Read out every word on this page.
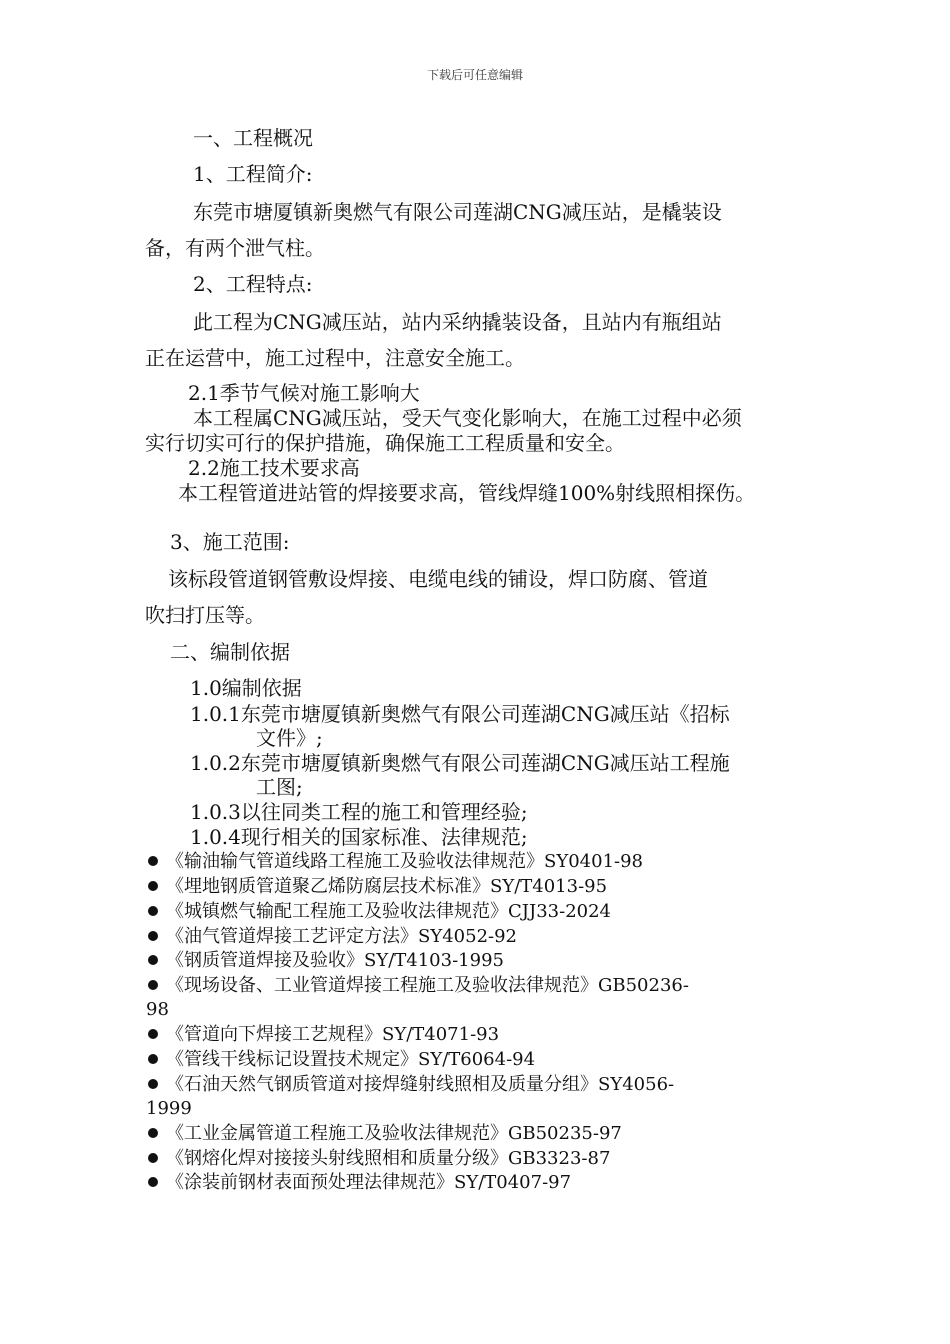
下载后可任意编辑
一、工程概况
1、工程简介:
东莞市塘厦镇新奥燃气有限公司莲湖CNG减压站，是橇装设
备，有两个泄气柱。
2、工程特点:
此工程为CNG减压站，站内采纳撬装设备，且站内有瓶组站
正在运营中，施工过程中，注意安全施工。
2.1季节气候对施工影响大
本工程属CNG减压站，受天气变化影响大，在施工过程中必须
实行切实可行的保护措施，确保施工工程质量和安全。
2.2施工技术要求高
本工程管道进站管的焊接要求高，管线焊缝100%射线照相探伤。
3、施工范围:
该标段管道钢管敷设焊接、电缆电线的铺设，焊口防腐、管道
吹扫打压等。
二、编制依据
1.0编制依据
1.0.1东莞市塘厦镇新奥燃气有限公司莲湖CNG减压站《招标
文件》;
1.0.2东莞市塘厦镇新奥燃气有限公司莲湖CNG减压站工程施
工图;
1.0.3以往同类工程的施工和管理经验;
1.0.4现行相关的国家标准、法律规范;
《输油输气管道线路工程施工及验收法律规范》SY0401-98
《埋地钢质管道聚乙烯防腐层技术标准》SY/T4013-95
《城镇燃气输配工程施工及验收法律规范》CJJ33-2024
《油气管道焊接工艺评定方法》SY4052-92
《钢质管道焊接及验收》SY/T4103-1995
《现场设备、工业管道焊接工程施工及验收法律规范》GB50236-
98
《管道向下焊接工艺规程》SY/T4071-93
《管线干线标记设置技术规定》SY/T6064-94
《石油天然气钢质管道对接焊缝射线照相及质量分组》SY4056-
1999
《工业金属管道工程施工及验收法律规范》GB50235-97
《钢熔化焊对接接头射线照相和质量分级》GB3323-87
《涂装前钢材表面预处理法律规范》SY/T0407-97
